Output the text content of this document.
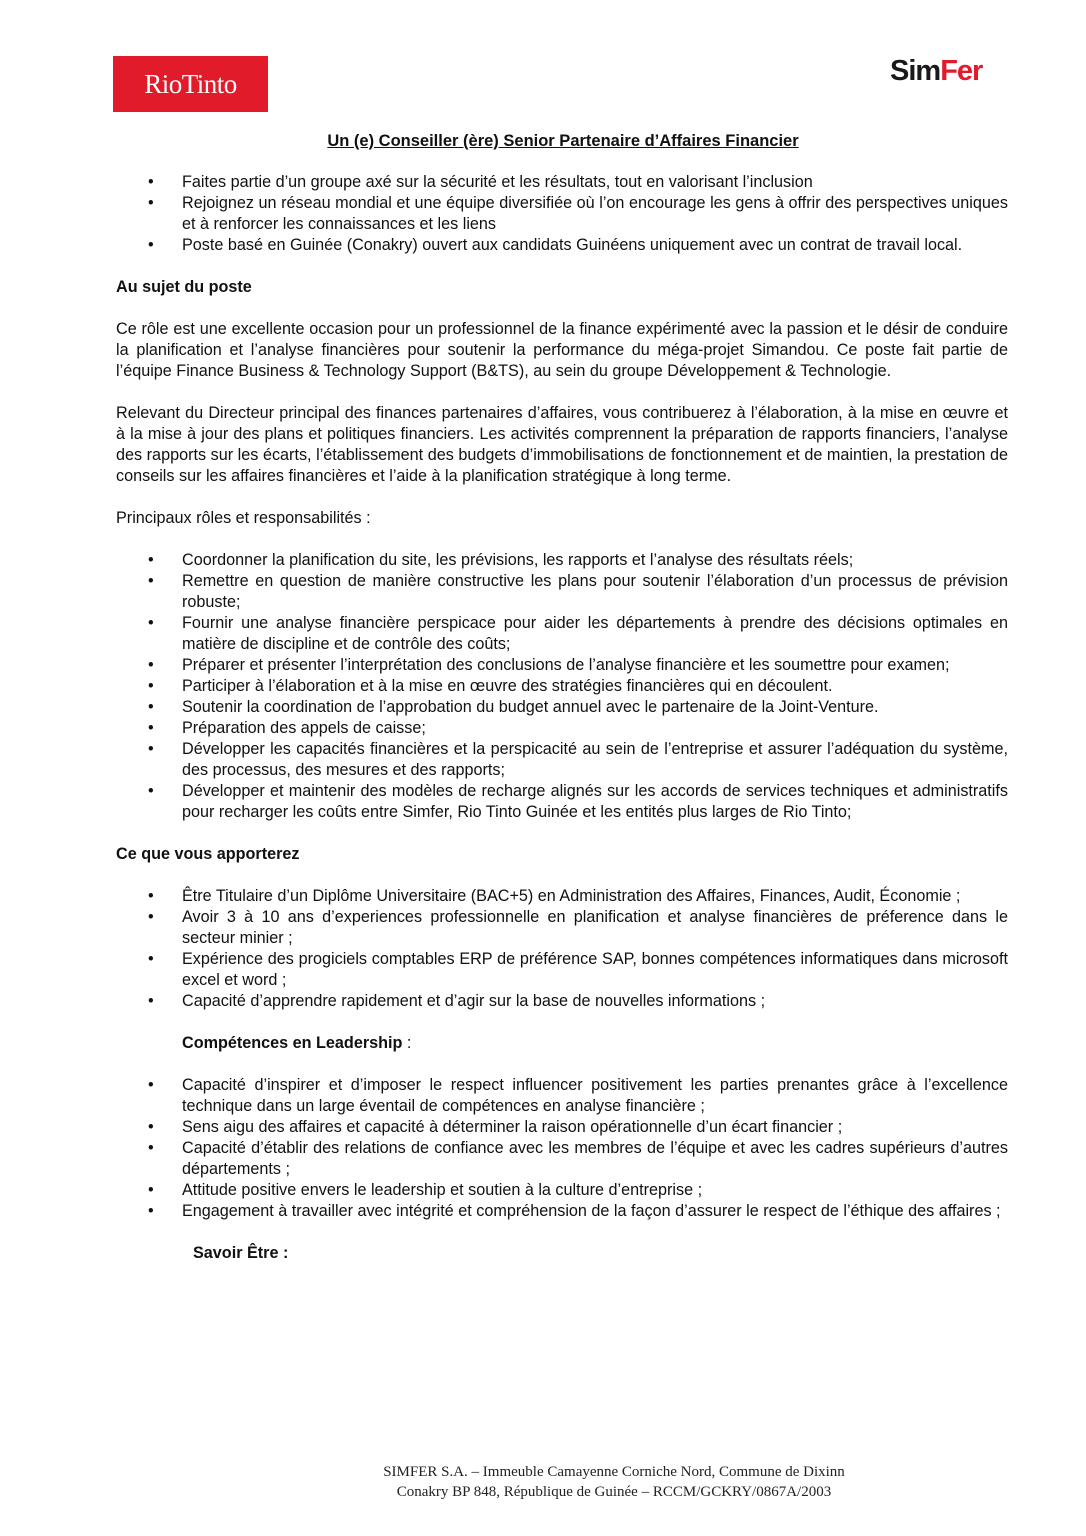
RioTinto	SimFer
Un (e) Conseiller (ère) Senior Partenaire d’Affaires Financier
• Faites partie d’un groupe axé sur la sécurité et les résultats, tout en valorisant l’inclusion
• Rejoignez un réseau mondial et une équipe diversifiée où l’on encourage les gens à offrir des perspectives uniques et à renforcer les connaissances et les liens
• Poste basé en Guinée (Conakry) ouvert aux candidats Guinéens uniquement avec un contrat de travail local.

Au sujet du poste

Ce rôle est une excellente occasion pour un professionnel de la finance expérimenté avec la passion et le désir de conduire la planification et l’analyse financières pour soutenir la performance du méga-projet Simandou. Ce poste fait partie de l’équipe Finance Business & Technology Support (B&TS), au sein du groupe Développement & Technologie.

Relevant du Directeur principal des finances partenaires d’affaires, vous contribuerez à l’élaboration, à la mise en œuvre et à la mise à jour des plans et politiques financiers. Les activités comprennent la préparation de rapports financiers, l’analyse des rapports sur les écarts, l’établissement des budgets d’immobilisations de fonctionnement et de maintien, la prestation de conseils sur les affaires financières et l’aide à la planification stratégique à long terme.

Principaux rôles et responsabilités :

• Coordonner la planification du site, les prévisions, les rapports et l’analyse des résultats réels;
• Remettre en question de manière constructive les plans pour soutenir l’élaboration d’un processus de prévision robuste;
• Fournir une analyse financière perspicace pour aider les départements à prendre des décisions optimales en matière de discipline et de contrôle des coûts;
• Préparer et présenter l’interprétation des conclusions de l’analyse financière et les soumettre pour examen;
• Participer à l’élaboration et à la mise en œuvre des stratégies financières qui en découlent.
• Soutenir la coordination de l’approbation du budget annuel avec le partenaire de la Joint-Venture.
• Préparation des appels de caisse;
• Développer les capacités financières et la perspicacité au sein de l’entreprise et assurer l’adéquation du système, des processus, des mesures et des rapports;
• Développer et maintenir des modèles de recharge alignés sur les accords de services techniques et administratifs pour recharger les coûts entre Simfer, Rio Tinto Guinée et les entités plus larges de Rio Tinto;

Ce que vous apporterez

• Être Titulaire d’un Diplôme Universitaire (BAC+5) en Administration des Affaires, Finances, Audit, Économie ;
• Avoir 3 à 10 ans d’experiences professionnelle en planification et analyse financières de préference dans le secteur minier ;
• Expérience des progiciels comptables ERP de préférence SAP, bonnes compétences informatiques dans microsoft excel et word ;
• Capacité d’apprendre rapidement et d’agir sur la base de nouvelles informations ;

Compétences en Leadership :

• Capacité d’inspirer et d’imposer le respect influencer positivement les parties prenantes grâce à l’excellence technique dans un large éventail de compétences en analyse financière ;
• Sens aigu des affaires et capacité à déterminer la raison opérationnelle d’un écart financier ;
• Capacité d’établir des relations de confiance avec les membres de l’équipe et avec les cadres supérieurs d’autres départements ;
• Attitude positive envers le leadership et soutien à la culture d’entreprise ;
• Engagement à travailler avec intégrité et compréhension de la façon d’assurer le respect de l’éthique des affaires ;

Savoir Être :

SIMFER S.A. – Immeuble Camayenne Corniche Nord, Commune de Dixinn
Conakry BP 848, République de Guinée – RCCM/GCKRY/0867A/2003
